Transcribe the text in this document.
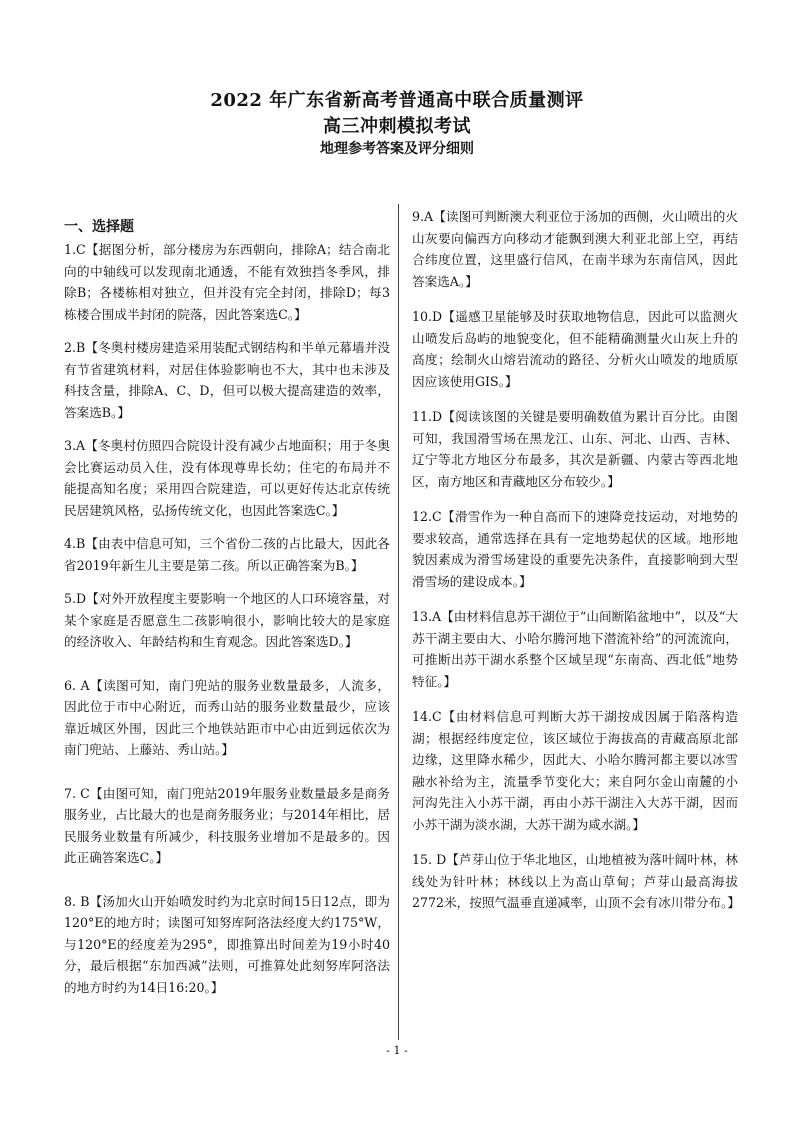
2022 年广东省新高考普通高中联合质量测评
高三冲刺模拟考试
地理参考答案及评分细则
一、选择题

1.C【据图分析，部分楼房为东西朝向，排除A；结合南北向的中轴线可以发现南北通透，不能有效独挡冬季风，排除B；各楼栋相对独立，但并没有完全封闭，排除D；每3栋楼合围成半封闭的院落，因此答案选C。】

2.B【冬奥村楼房建造采用装配式钢结构和半单元幕墙并没有节省建筑材料，对居住体验影响也不大，其中也未涉及科技含量，排除A、C、D，但可以极大提高建造的效率，答案选B。】

3.A【冬奥村仿照四合院设计没有减少占地面积；用于冬奥会比赛运动员入住，没有体现尊卑长幼；住宅的布局并不能提高知名度；采用四合院建造，可以更好传达北京传统民居建筑风格，弘扬传统文化，也因此答案选C。】

4.B【由表中信息可知，三个省份二孩的占比最大，因此各省2019年新生儿主要是第二孩。所以正确答案为B。】

5.D【对外开放程度主要影响一个地区的人口环境容量，对某个家庭是否愿意生二孩影响很小，影响比较大的是家庭的经济收入、年龄结构和生育观念。因此答案选D。】

6. A【读图可知，南门兜站的服务业数量最多，人流多，因此位于市中心附近，而秀山站的服务业数量最少，应该靠近城区外围，因此三个地铁站距市中心由近到远依次为南门兜站、上藤站、秀山站。】

7. C【由图可知，南门兜站2019年服务业数量最多是商务服务业，占比最大的也是商务服务业；与2014年相比，居民服务业数量有所减少，科技服务业增加不是最多的。因此正确答案选C。】

8. B【汤加火山开始喷发时约为北京时间15日12点，即为120°E的地方时；读图可知努库阿洛法经度大约175°W，与120°E的经度差为295°，即推算出时间差为19小时40分，最后根据“东加西减”法则，可推算处此刻努库阿洛法的地方时约为14日16:20。】

9.A【读图可判断澳大利亚位于汤加的西侧，火山喷出的火山灰要向偏西方向移动才能飘到澳大利亚北部上空，再结合纬度位置，这里盛行信风，在南半球为东南信风，因此答案选A。】

10.D【遥感卫星能够及时获取地物信息，因此可以监测火山喷发后岛屿的地貌变化，但不能精确测量火山灰上升的高度；绘制火山熔岩流动的路径、分析火山喷发的地质原因应该使用GIS。】

11.D【阅读该图的关键是要明确数值为累计百分比。由图可知，我国滑雪场在黑龙江、山东、河北、山西、吉林、辽宁等北方地区分布最多，其次是新疆、内蒙古等西北地区，南方地区和青藏地区分布较少。】

12.C【滑雪作为一种自高而下的速降竞技运动，对地势的要求较高，通常选择在具有一定地势起伏的区域。地形地貌因素成为滑雪场建设的重要先决条件，直接影响到大型滑雪场的建设成本。】

13.A【由材料信息苏干湖位于“山间断陷盆地中”，以及“大苏干湖主要由大、小哈尔腾河地下潜流补给”的河流流向，可推断出苏干湖水系整个区域呈现“东南高、西北低”地势特征。】

14.C【由材料信息可判断大苏干湖按成因属于陷落构造湖；根据经纬度定位，该区域位于海拔高的青藏高原北部边缘，这里降水稀少，因此大、小哈尔腾河都主要以冰雪融水补给为主，流量季节变化大；来自阿尔金山南麓的小河沟先注入小苏干湖，再由小苏干湖注入大苏干湖，因而小苏干湖为淡水湖，大苏干湖为咸水湖。】

15. D【芦芽山位于华北地区，山地植被为落叶阔叶林，林线处为针叶林；林线以上为高山草甸；芦芽山最高海拔2772米，按照气温垂直递减率，山顶不会有冰川带分布。】

- 1 -
